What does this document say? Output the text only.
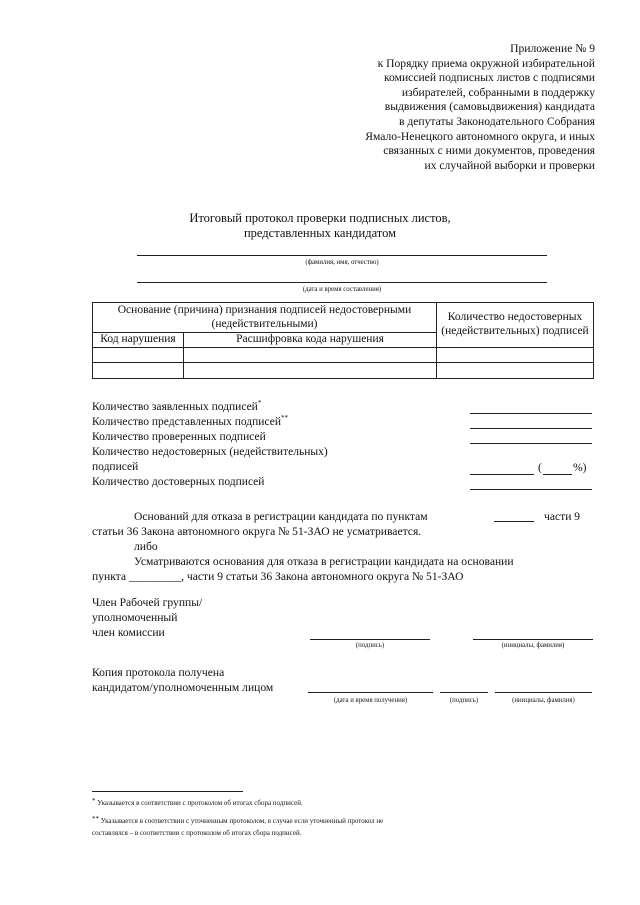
Приложение № 9
к Порядку приема окружной избирательной
комиссией подписных листов с подписями
избирателей, собранными в поддержку
выдвижения (самовыдвижения) кандидата
в депутаты Законодательного Собрания
Ямало-Ненецкого автономного округа, и иных
связанных с ними документов, проведения
их случайной выборки и проверки
Итоговый протокол проверки подписных листов,
представленных кандидатом
(фамилия, имя, отчество)
(дата и время составления)
Основание (причина) признания подписей недостоверными (недействительными)		Количество недостоверных (недействительных) подписей
Код нарушения	Расшифровка кода нарушения	

Количество заявленных подписей*
Количество представленных подписей**
Количество проверенных подписей
Количество недостоверных (недействительных)
подписей
Количество достоверных подписей
(	%)
Оснований для отказа в регистрации кандидата по пунктам	части 9
статьи 36 Закона автономного округа № 51-ЗАО не усматривается.
либо
Усматриваются основания для отказа в регистрации кандидата на основании
пункта _________, части 9 статьи 36 Закона автономного округа № 51-ЗАО
Член Рабочей группы/
уполномоченный
член комиссии
(подпись)	(инициалы, фамилия)
Копия протокола получена
кандидатом/уполномоченным лицом
(дата и время получения)	(подпись)	(инициалы, фамилия)
* Указывается в соответствии с протоколом об итогах сбора подписей.
** Указывается в соответствии с уточненным протоколом, в случае если уточненный протокол не
составлялся – в соответствии с протоколом об итогах сбора подписей.
